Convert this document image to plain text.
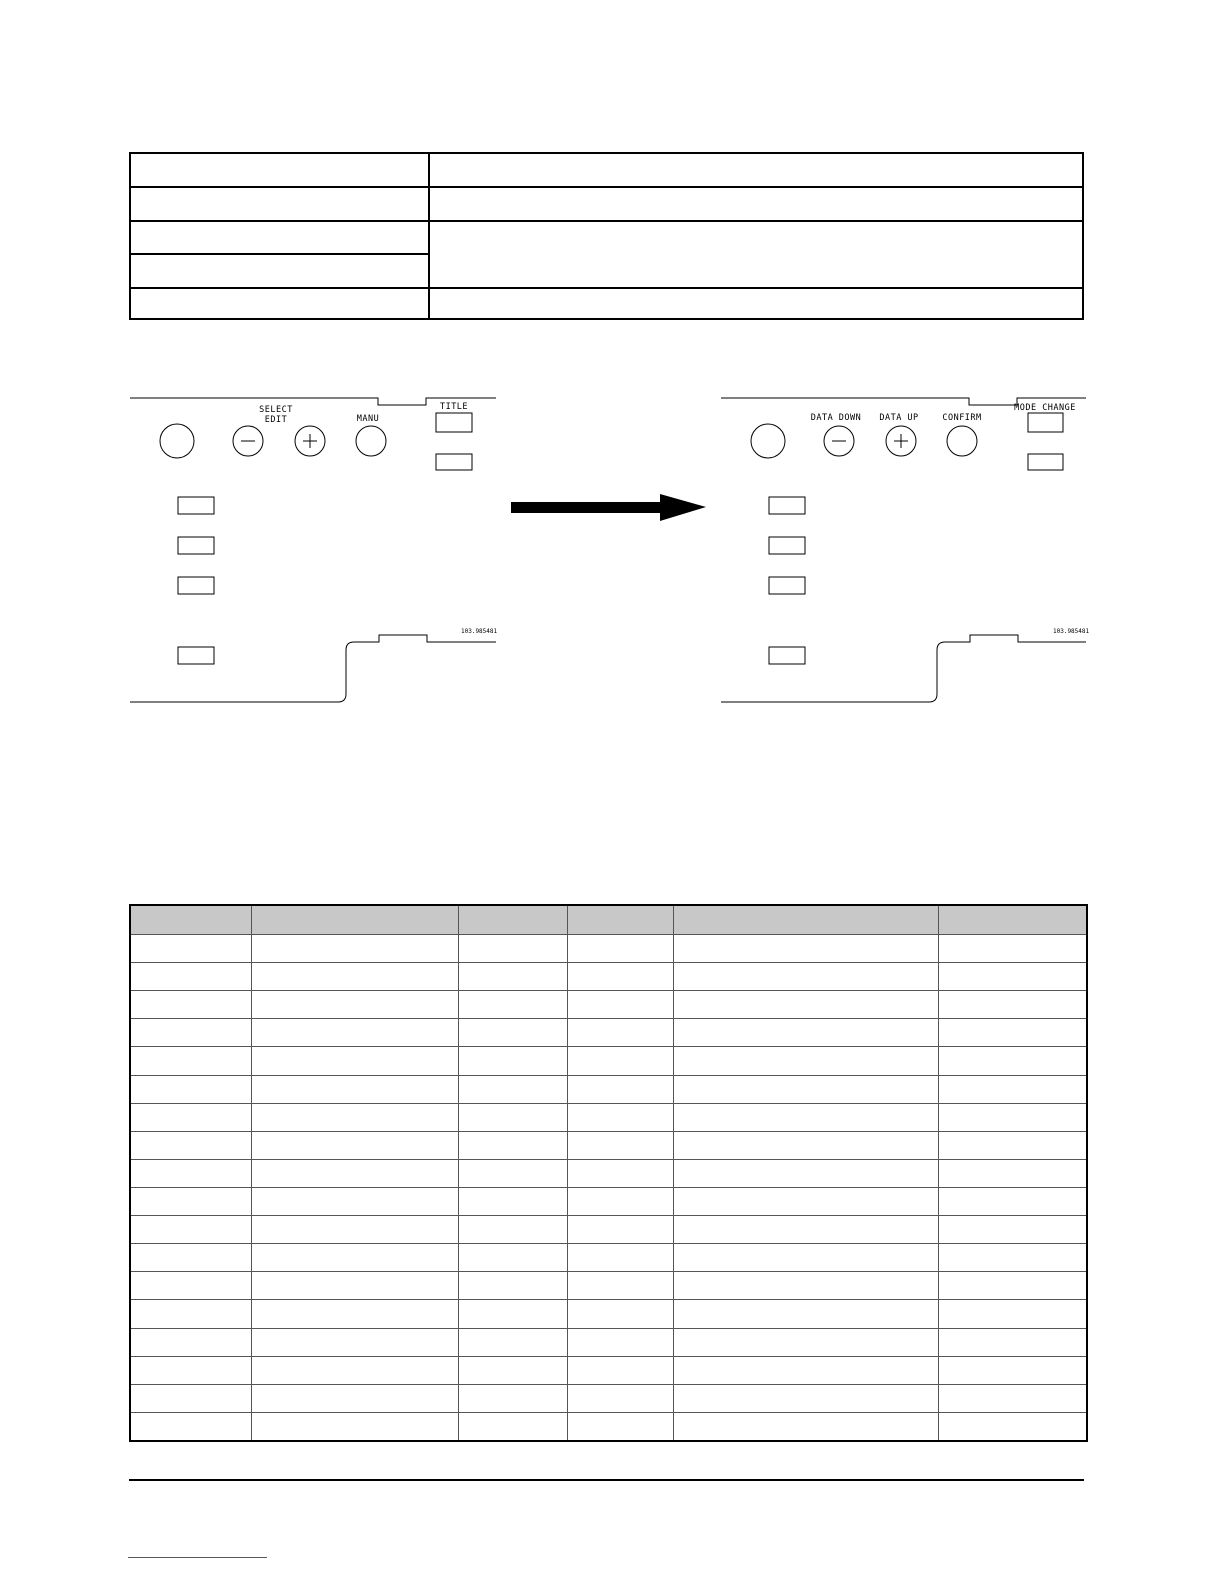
SELECT
EDIT	MANU
TITLE
103.985481
DATA DOWN DATA UP	CONFIRM
MODE CHANGE
103.985481
